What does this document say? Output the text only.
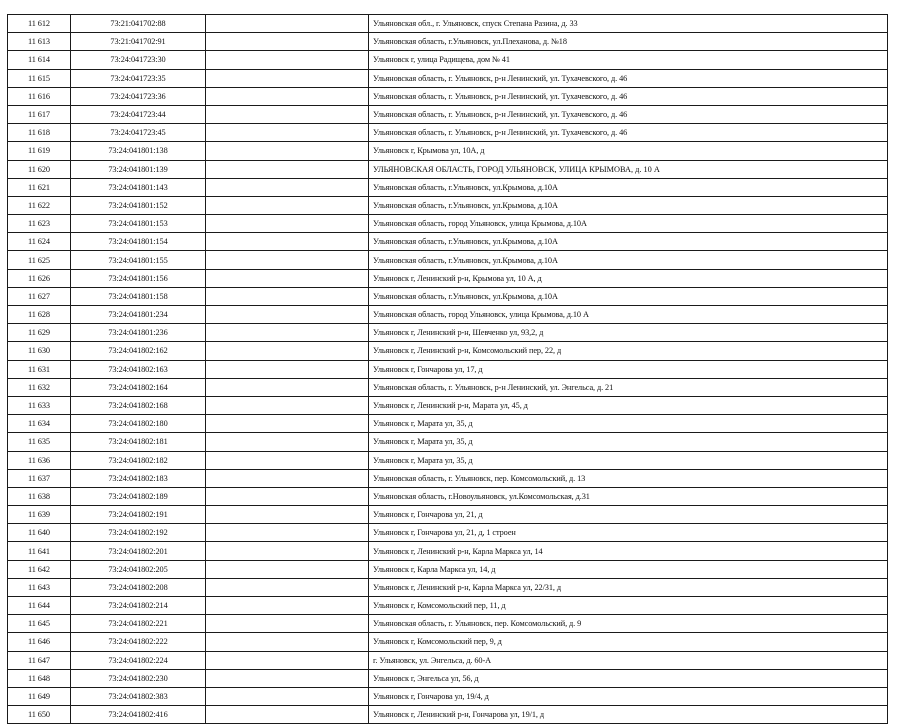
11 612	73:21:041702:88		Ульяновская обл., г. Ульяновск, спуск Степана Разина, д. 33
11 613	73:21:041702:91		Ульяновская область, г.Ульяновск, ул.Плеханова, д. №18
11 614	73:24:041723:30		Ульяновск г, улица Радищева, дом № 41
11 615	73:24:041723:35		Ульяновская область, г. Ульяновск, р-н Ленинский, ул. Тухачевского, д. 46
11 616	73:24:041723:36		Ульяновская область, г. Ульяновск, р-н Ленинский, ул. Тухачевского, д. 46
11 617	73:24:041723:44		Ульяновская область, г. Ульяновск, р-н Ленинский, ул. Тухачевского, д. 46
11 618	73:24:041723:45		Ульяновская область, г. Ульяновск, р-н Ленинский, ул. Тухачевского, д. 46
11 619	73:24:041801:138		Ульяновск г, Крымова ул, 10А, д
11 620	73:24:041801:139		УЛЬЯНОВСКАЯ ОБЛАСТЬ, ГОРОД УЛЬЯНОВСК, УЛИЦА КРЫМОВА, д. 10 А
11 621	73:24:041801:143		Ульяновская область, г.Ульяновск, ул.Крымова, д.10А
11 622	73:24:041801:152		Ульяновская область, г.Ульяновск, ул.Крымова, д.10А
11 623	73:24:041801:153		Ульяновская область, город Ульяновск, улица Крымова, д.10А
11 624	73:24:041801:154		Ульяновская область, г.Ульяновск, ул.Крымова, д.10А
11 625	73:24:041801:155		Ульяновская область, г.Ульяновск, ул.Крымова, д.10А
11 626	73:24:041801:156		Ульяновск г, Ленинский р-н, Крымова ул, 10 А, д
11 627	73:24:041801:158		Ульяновская область, г.Ульяновск, ул.Крымова, д.10А
11 628	73:24:041801:234		Ульяновская область, город Ульяновск, улица Крымова, д.10 А
11 629	73:24:041801:236		Ульяновск г, Ленинский р-н, Шевченко ул, 93,2, д
11 630	73:24:041802:162		Ульяновск г, Ленинский р-н, Комсомольский пер, 22, д
11 631	73:24:041802:163		Ульяновск г, Гончарова ул, 17, д
11 632	73:24:041802:164		Ульяновская область, г. Ульяновск, р-н Ленинский, ул. Энгельса, д. 21
11 633	73:24:041802:168		Ульяновск г, Ленинский р-н, Марата ул, 45, д
11 634	73:24:041802:180		Ульяновск г, Марата ул, 35, д
11 635	73:24:041802:181		Ульяновск г, Марата ул, 35, д
11 636	73:24:041802:182		Ульяновск г, Марата ул, 35, д
11 637	73:24:041802:183		Ульяновская область, г. Ульяновск, пер. Комсомольский, д. 13
11 638	73:24:041802:189		Ульяновская область, г.Новоульяновск, ул.Комсомольская, д.31
11 639	73:24:041802:191		Ульяновск г, Гончарова ул, 21, д
11 640	73:24:041802:192		Ульяновск г, Гончарова ул, 21, д, 1 строен
11 641	73:24:041802:201		Ульяновск г, Ленинский р-н, Карла Маркса ул, 14
11 642	73:24:041802:205		Ульяновск г, Карла Маркса ул, 14, д
11 643	73:24:041802:208		Ульяновск г, Ленинский р-н, Карла Маркса ул, 22/31, д
11 644	73:24:041802:214		Ульяновск г, Комсомольский пер, 11, д
11 645	73:24:041802:221		Ульяновская область, г. Ульяновск, пер. Комсомольский, д. 9
11 646	73:24:041802:222		Ульяновск г, Комсомольский пер, 9, д
11 647	73:24:041802:224		г. Ульяновск, ул. Энгельса, д. 60-А
11 648	73:24:041802:230		Ульяновск г, Энгельса ул, 56, д
11 649	73:24:041802:383		Ульяновск г, Гончарова ул, 19/4, д
11 650	73:24:041802:416		Ульяновск г, Ленинский р-н, Гончарова ул, 19/1, д
